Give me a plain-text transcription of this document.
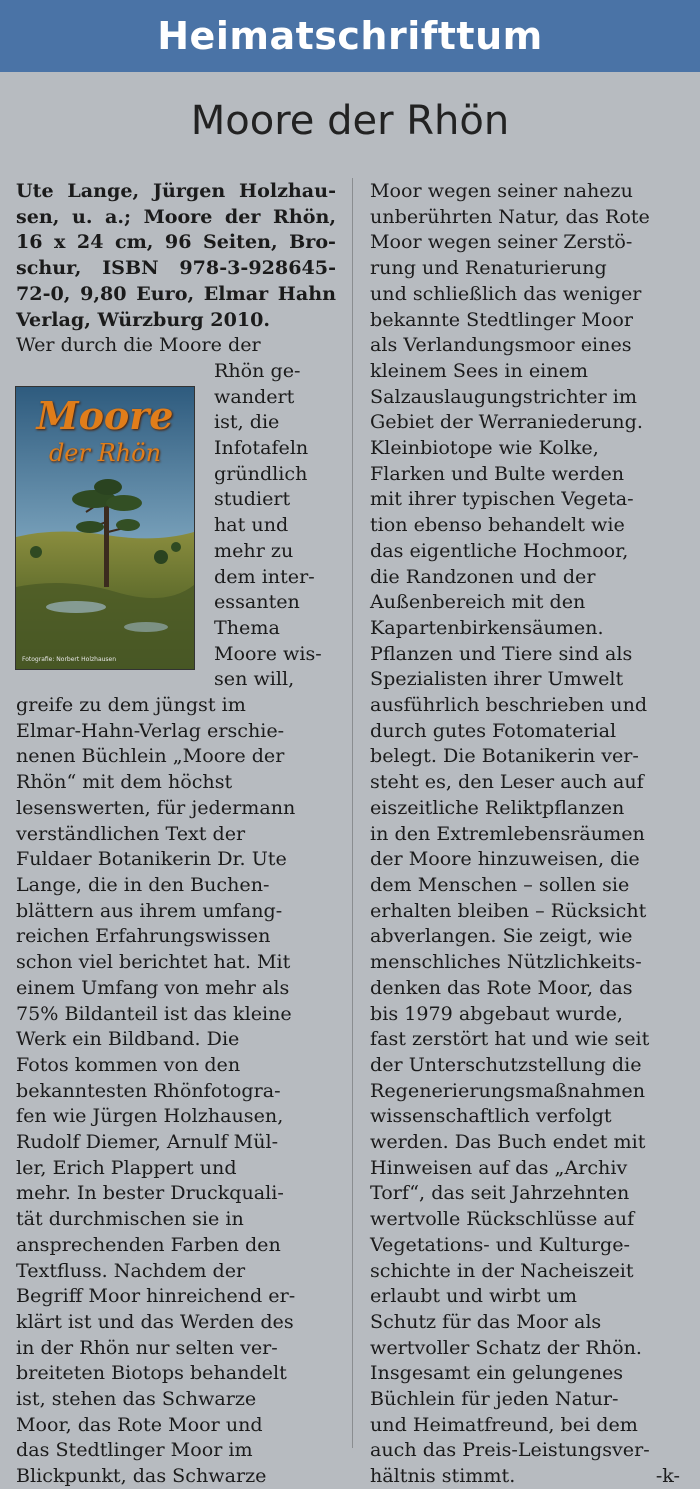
Heimatschrifttum
Moore der Rhön
Ute Lange, Jürgen Holzhau-
sen, u. a.; Moore der Rhön,
16 x 24 cm, 96 Seiten, Bro-
schur, ISBN 978-3-928645-
72-0, 9,80 Euro, Elmar Hahn
Verlag, Würzburg 2010.
Wer durch die Moore der
Rhön ge-
wandert
ist, die
Infotafeln
gründlich
studiert
hat und
mehr zu
dem inter-
essanten
Thema
Moore wis-
sen will,
greife zu dem jüngst im
Elmar-Hahn-Verlag erschie-
nenen Büchlein „Moore der
Rhön“ mit dem höchst
lesenswerten, für jedermann
verständlichen Text der
Fuldaer Botanikerin Dr. Ute
Lange, die in den Buchen-
blättern aus ihrem umfang-
reichen Erfahrungswissen
schon viel berichtet hat. Mit
einem Umfang von mehr als
75% Bildanteil ist das kleine
Werk ein Bildband. Die
Fotos kommen von den
bekanntesten Rhönfotogra-
fen wie Jürgen Holzhausen,
Rudolf Diemer, Arnulf Mül-
ler, Erich Plappert und
mehr. In bester Druckquali-
tät durchmischen sie in
ansprechenden Farben den
Textfluss. Nachdem der
Begriff Moor hinreichend er-
klärt ist und das Werden des
in der Rhön nur selten ver-
breiteten Biotops behandelt
ist, stehen das Schwarze
Moor, das Rote Moor und
das Stedtlinger Moor im
Blickpunkt, das Schwarze
Moore
der Rhön
Fotografie: Norbert Holzhausen
Moor wegen seiner nahezu
unberührten Natur, das Rote
Moor wegen seiner Zerstö-
rung und Renaturierung
und schließlich das weniger
bekannte Stedtlinger Moor
als Verlandungsmoor eines
kleinem Sees in einem
Salzauslaugungstrichter im
Gebiet der Werraniederung.
Kleinbiotope wie Kolke,
Flarken und Bulte werden
mit ihrer typischen Vegeta-
tion ebenso behandelt wie
das eigentliche Hochmoor,
die Randzonen und der
Außenbereich mit den
Kapartenbirkensäumen.
Pflanzen und Tiere sind als
Spezialisten ihrer Umwelt
ausführlich beschrieben und
durch gutes Fotomaterial
belegt. Die Botanikerin ver-
steht es, den Leser auch auf
eiszeitliche Reliktpflanzen
in den Extremlebensräumen
der Moore hinzuweisen, die
dem Menschen – sollen sie
erhalten bleiben – Rücksicht
abverlangen. Sie zeigt, wie
menschliches Nützlichkeits-
denken das Rote Moor, das
bis 1979 abgebaut wurde,
fast zerstört hat und wie seit
der Unterschutzstellung die
Regenerierungsmaßnahmen
wissenschaftlich verfolgt
werden. Das Buch endet mit
Hinweisen auf das „Archiv
Torf“, das seit Jahrzehnten
wertvolle Rückschlüsse auf
Vegetations- und Kulturge-
schichte in der Nacheiszeit
erlaubt und wirbt um
Schutz für das Moor als
wertvoller Schatz der Rhön.
Insgesamt ein gelungenes
Büchlein für jeden Natur-
und Heimatfreund, bei dem
auch das Preis-Leistungsver-
hältnis stimmt.	-k-
